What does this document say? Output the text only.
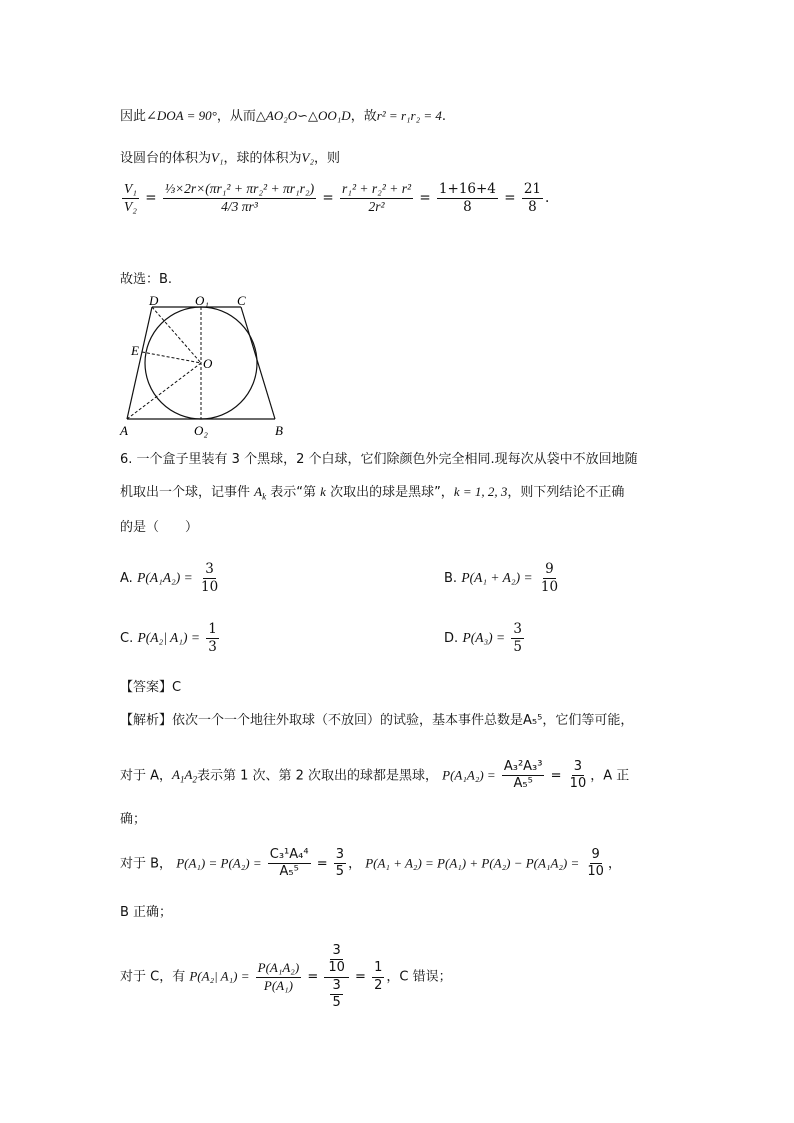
因此∠DOA = 90°，从而△AO₂O∽△OO₁D，故r² = r₁r₂ = 4.
设圆台的体积为V₁，球的体积为V₂，则
$\frac{\text{V₁}}{\text{V₂}} = \frac{\text{⅓×2r×(πr₁² + πr₂² + πr₁r₂)}}{\text{4/3 πr³}} = \frac{\text{r₁² + r₂² + r²}}{\text{2r²}} = \frac{1+16+4}{8} = \frac{21}{8}$ .
故选：B.
D	O₁ C
E
O
A	O₂	B
6. 一个盒子里装有 3 个黑球，2 个白球，它们除颜色外完全相同.现每次从袋中不放回地随
机取出一个球，记事件 $A_k$ 表示“第 k 次取出的球是黑球”，k = 1, 2, 3，则下列结论不正确
的是（　　）
A. $P(A_1A_2) = \frac{3}{10}$	B. $P(A_1 + A_2) = \frac{9}{10}$
C. P(A₂| $A_1) = \frac{1}{3}$	D. $P(A_3) = \frac{3}{5}$
【答案】C
【解析】依次一个一个地往外取球（不放回）的试验，基本事件总数是A₅⁵，它们等可能，
对于 A，$A_1A_2$表示第 1 次、第 2 次取出的球都是黑球， $P(A_1A_2) = \frac{\text{A₃²A₃³}}{\text{A₅⁵}} = \frac{3}{10}$ ，A 正
确；
对于 B， $P(A_1) = P(A_2) = \frac{\text{C₃¹A₄⁴}}{\text{A₅⁵}} = \frac{3}{5}$ ， $P(A_1 + A_2) = P(A_1) + P(A_2) - P(A_1A_2) = \frac{9}{10}$ ，
B 正确；
对于 C，有 P(A₂| $A_1) = \frac{\text{P(A₁A₂)}}{\text{P(A₁)}} = \frac{\frac{3}{10}}{\frac{3}{5}} = \frac{1}{2}$ ，C 错误；
